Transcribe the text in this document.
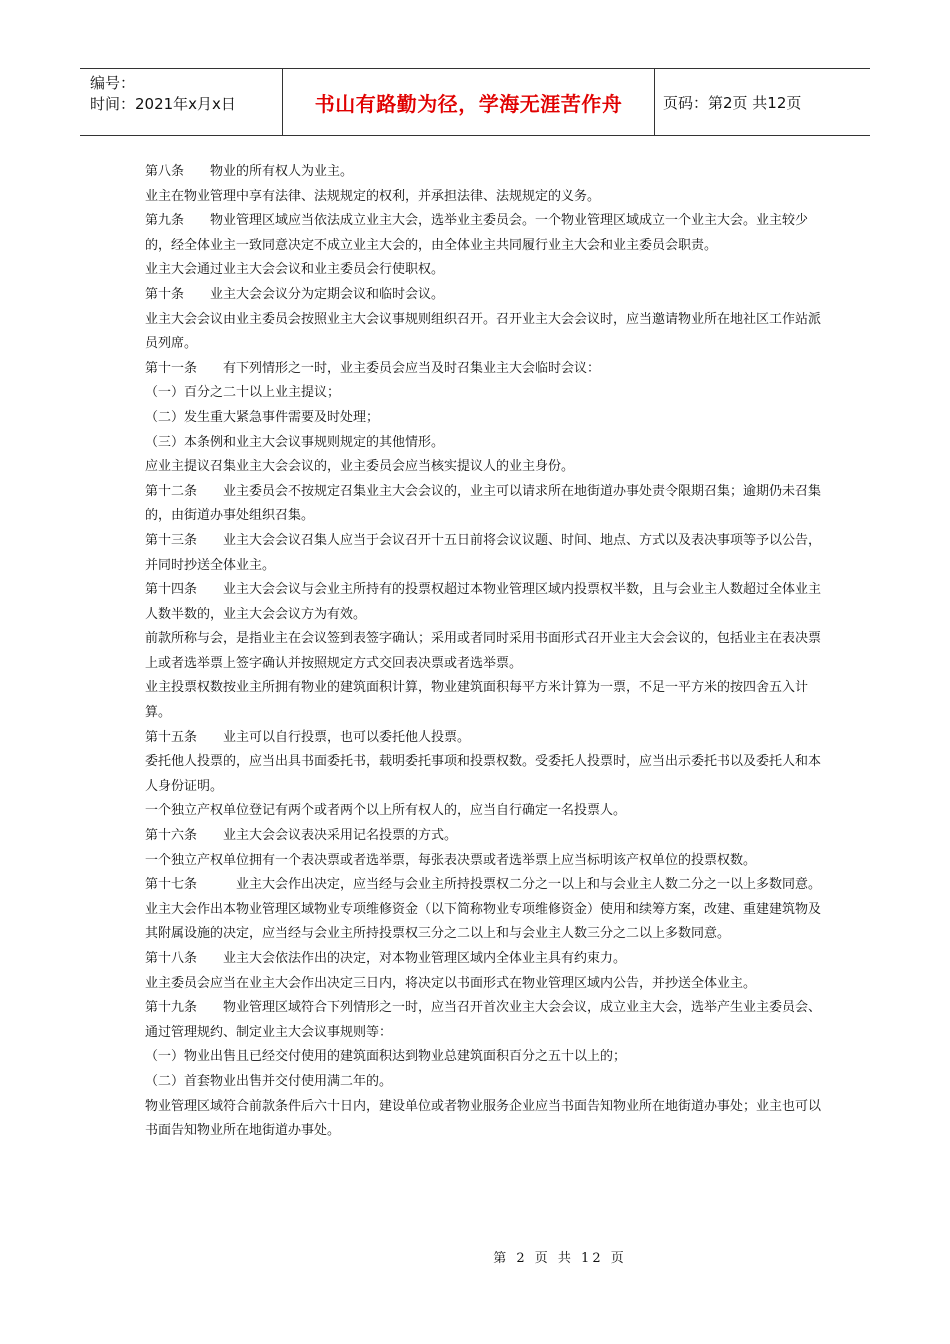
编号：
时间：2021年x月x日	书山有路勤为径，学海无涯苦作舟	页码：第2页 共12页

第八条　　物业的所有权人为业主。

业主在物业管理中享有法律、法规规定的权利，并承担法律、法规规定的义务。

第九条　　物业管理区域应当依法成立业主大会，选举业主委员会。一个物业管理区域成立一个业主大会。业主较少的，经全体业主一致同意决定不成立业主大会的，由全体业主共同履行业主大会和业主委员会职责。

业主大会通过业主大会会议和业主委员会行使职权。

第十条　　业主大会会议分为定期会议和临时会议。

业主大会会议由业主委员会按照业主大会议事规则组织召开。召开业主大会会议时，应当邀请物业所在地社区工作站派员列席。

第十一条　　有下列情形之一时，业主委员会应当及时召集业主大会临时会议：

（一）百分之二十以上业主提议；

（二）发生重大紧急事件需要及时处理；

（三）本条例和业主大会议事规则规定的其他情形。

应业主提议召集业主大会会议的，业主委员会应当核实提议人的业主身份。

第十二条　　业主委员会不按规定召集业主大会会议的，业主可以请求所在地街道办事处责令限期召集；逾期仍未召集的，由街道办事处组织召集。

第十三条　　业主大会会议召集人应当于会议召开十五日前将会议议题、时间、地点、方式以及表决事项等予以公告，并同时抄送全体业主。

第十四条　　业主大会会议与会业主所持有的投票权超过本物业管理区域内投票权半数，且与会业主人数超过全体业主人数半数的，业主大会会议方为有效。

前款所称与会，是指业主在会议签到表签字确认；采用或者同时采用书面形式召开业主大会会议的，包括业主在表决票上或者选举票上签字确认并按照规定方式交回表决票或者选举票。

业主投票权数按业主所拥有物业的建筑面积计算，物业建筑面积每平方米计算为一票，不足一平方米的按四舍五入计算。

第十五条　　业主可以自行投票，也可以委托他人投票。

委托他人投票的，应当出具书面委托书，载明委托事项和投票权数。受委托人投票时，应当出示委托书以及委托人和本人身份证明。

一个独立产权单位登记有两个或者两个以上所有权人的，应当自行确定一名投票人。

第十六条　　业主大会会议表决采用记名投票的方式。

一个独立产权单位拥有一个表决票或者选举票，每张表决票或者选举票上应当标明该产权单位的投票权数。

第十七条　　　业主大会作出决定，应当经与会业主所持投票权二分之一以上和与会业主人数二分之一以上多数同意。

业主大会作出本物业管理区域物业专项维修资金（以下简称物业专项维修资金）使用和续筹方案，改建、重建建筑物及其附属设施的决定，应当经与会业主所持投票权三分之二以上和与会业主人数三分之二以上多数同意。

第十八条　　业主大会依法作出的决定，对本物业管理区域内全体业主具有约束力。

业主委员会应当在业主大会作出决定三日内，将决定以书面形式在物业管理区域内公告，并抄送全体业主。

第十九条　　物业管理区域符合下列情形之一时，应当召开首次业主大会会议，成立业主大会，选举产生业主委员会、通过管理规约、制定业主大会议事规则等：

（一）物业出售且已经交付使用的建筑面积达到物业总建筑面积百分之五十以上的；

（二）首套物业出售并交付使用满二年的。

物业管理区域符合前款条件后六十日内，建设单位或者物业服务企业应当书面告知物业所在地街道办事处；业主也可以书面告知物业所在地街道办事处。

第 2 页 共 12 页
